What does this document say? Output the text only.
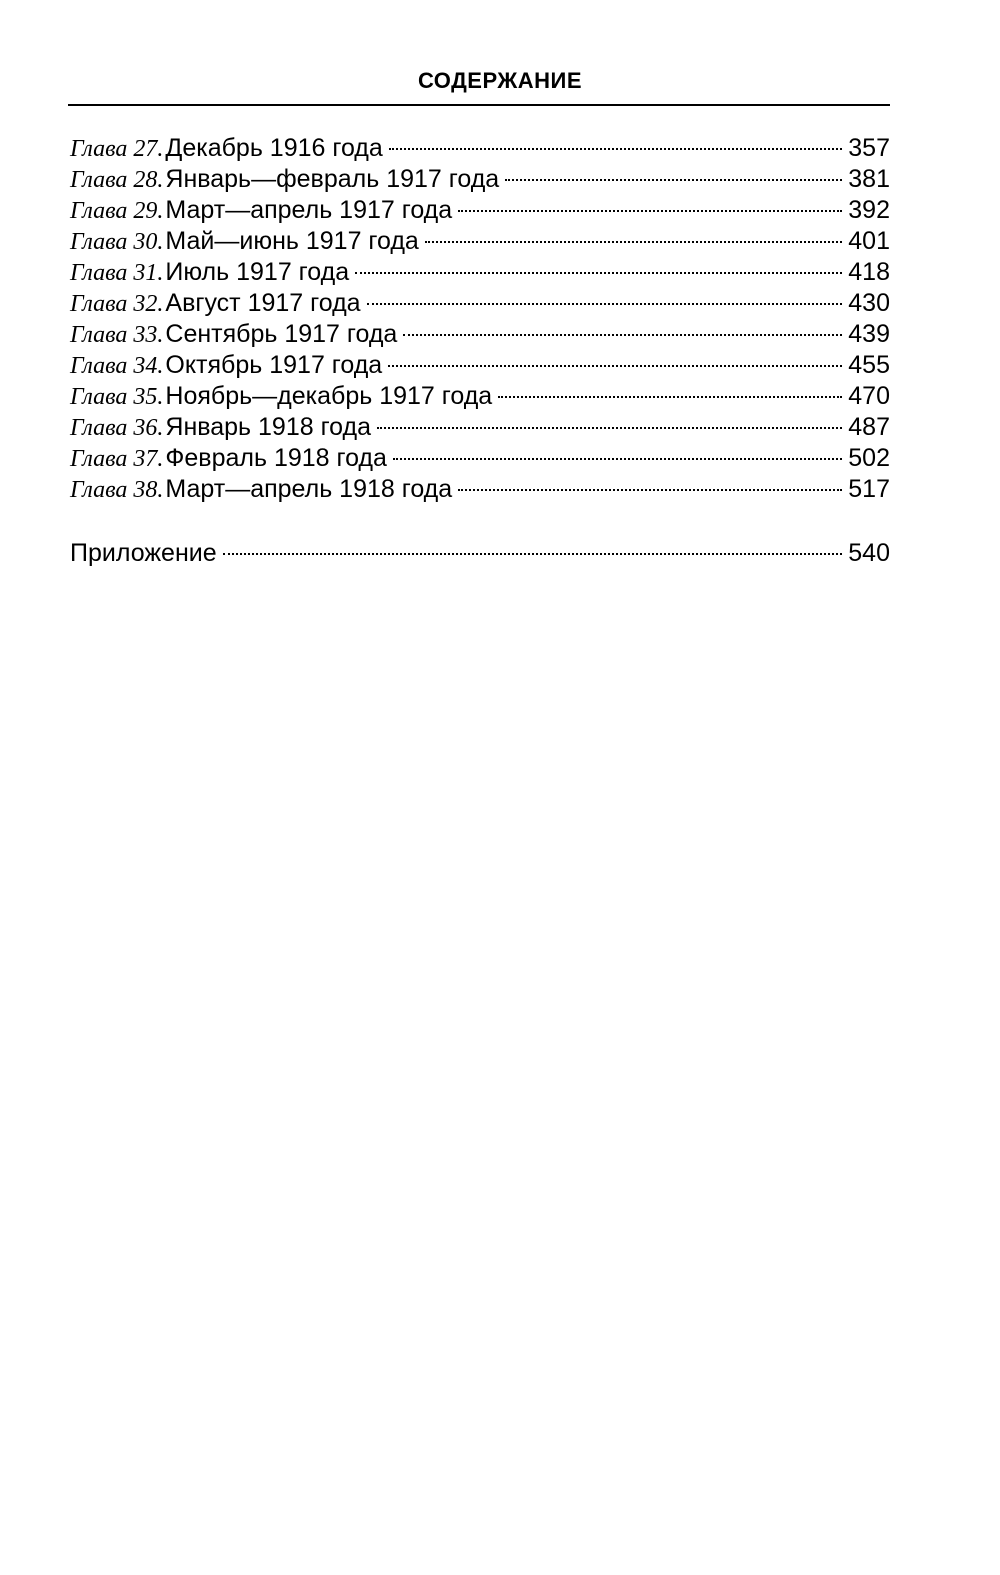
СОДЕРЖАНИЕ
Глава 27. Декабрь 1916 года	357
Глава 28. Январь—февраль 1917 года	381
Глава 29. Март—апрель 1917 года	392
Глава 30. Май—июнь 1917 года	401
Глава 31. Июль 1917 года	418
Глава 32. Август 1917 года	430
Глава 33. Сентябрь 1917 года	439
Глава 34. Октябрь 1917 года	455
Глава 35. Ноябрь—декабрь 1917 года	470
Глава 36. Январь 1918 года	487
Глава 37. Февраль 1918 года	502
Глава 38. Март—апрель 1918 года	517
Приложение	540
